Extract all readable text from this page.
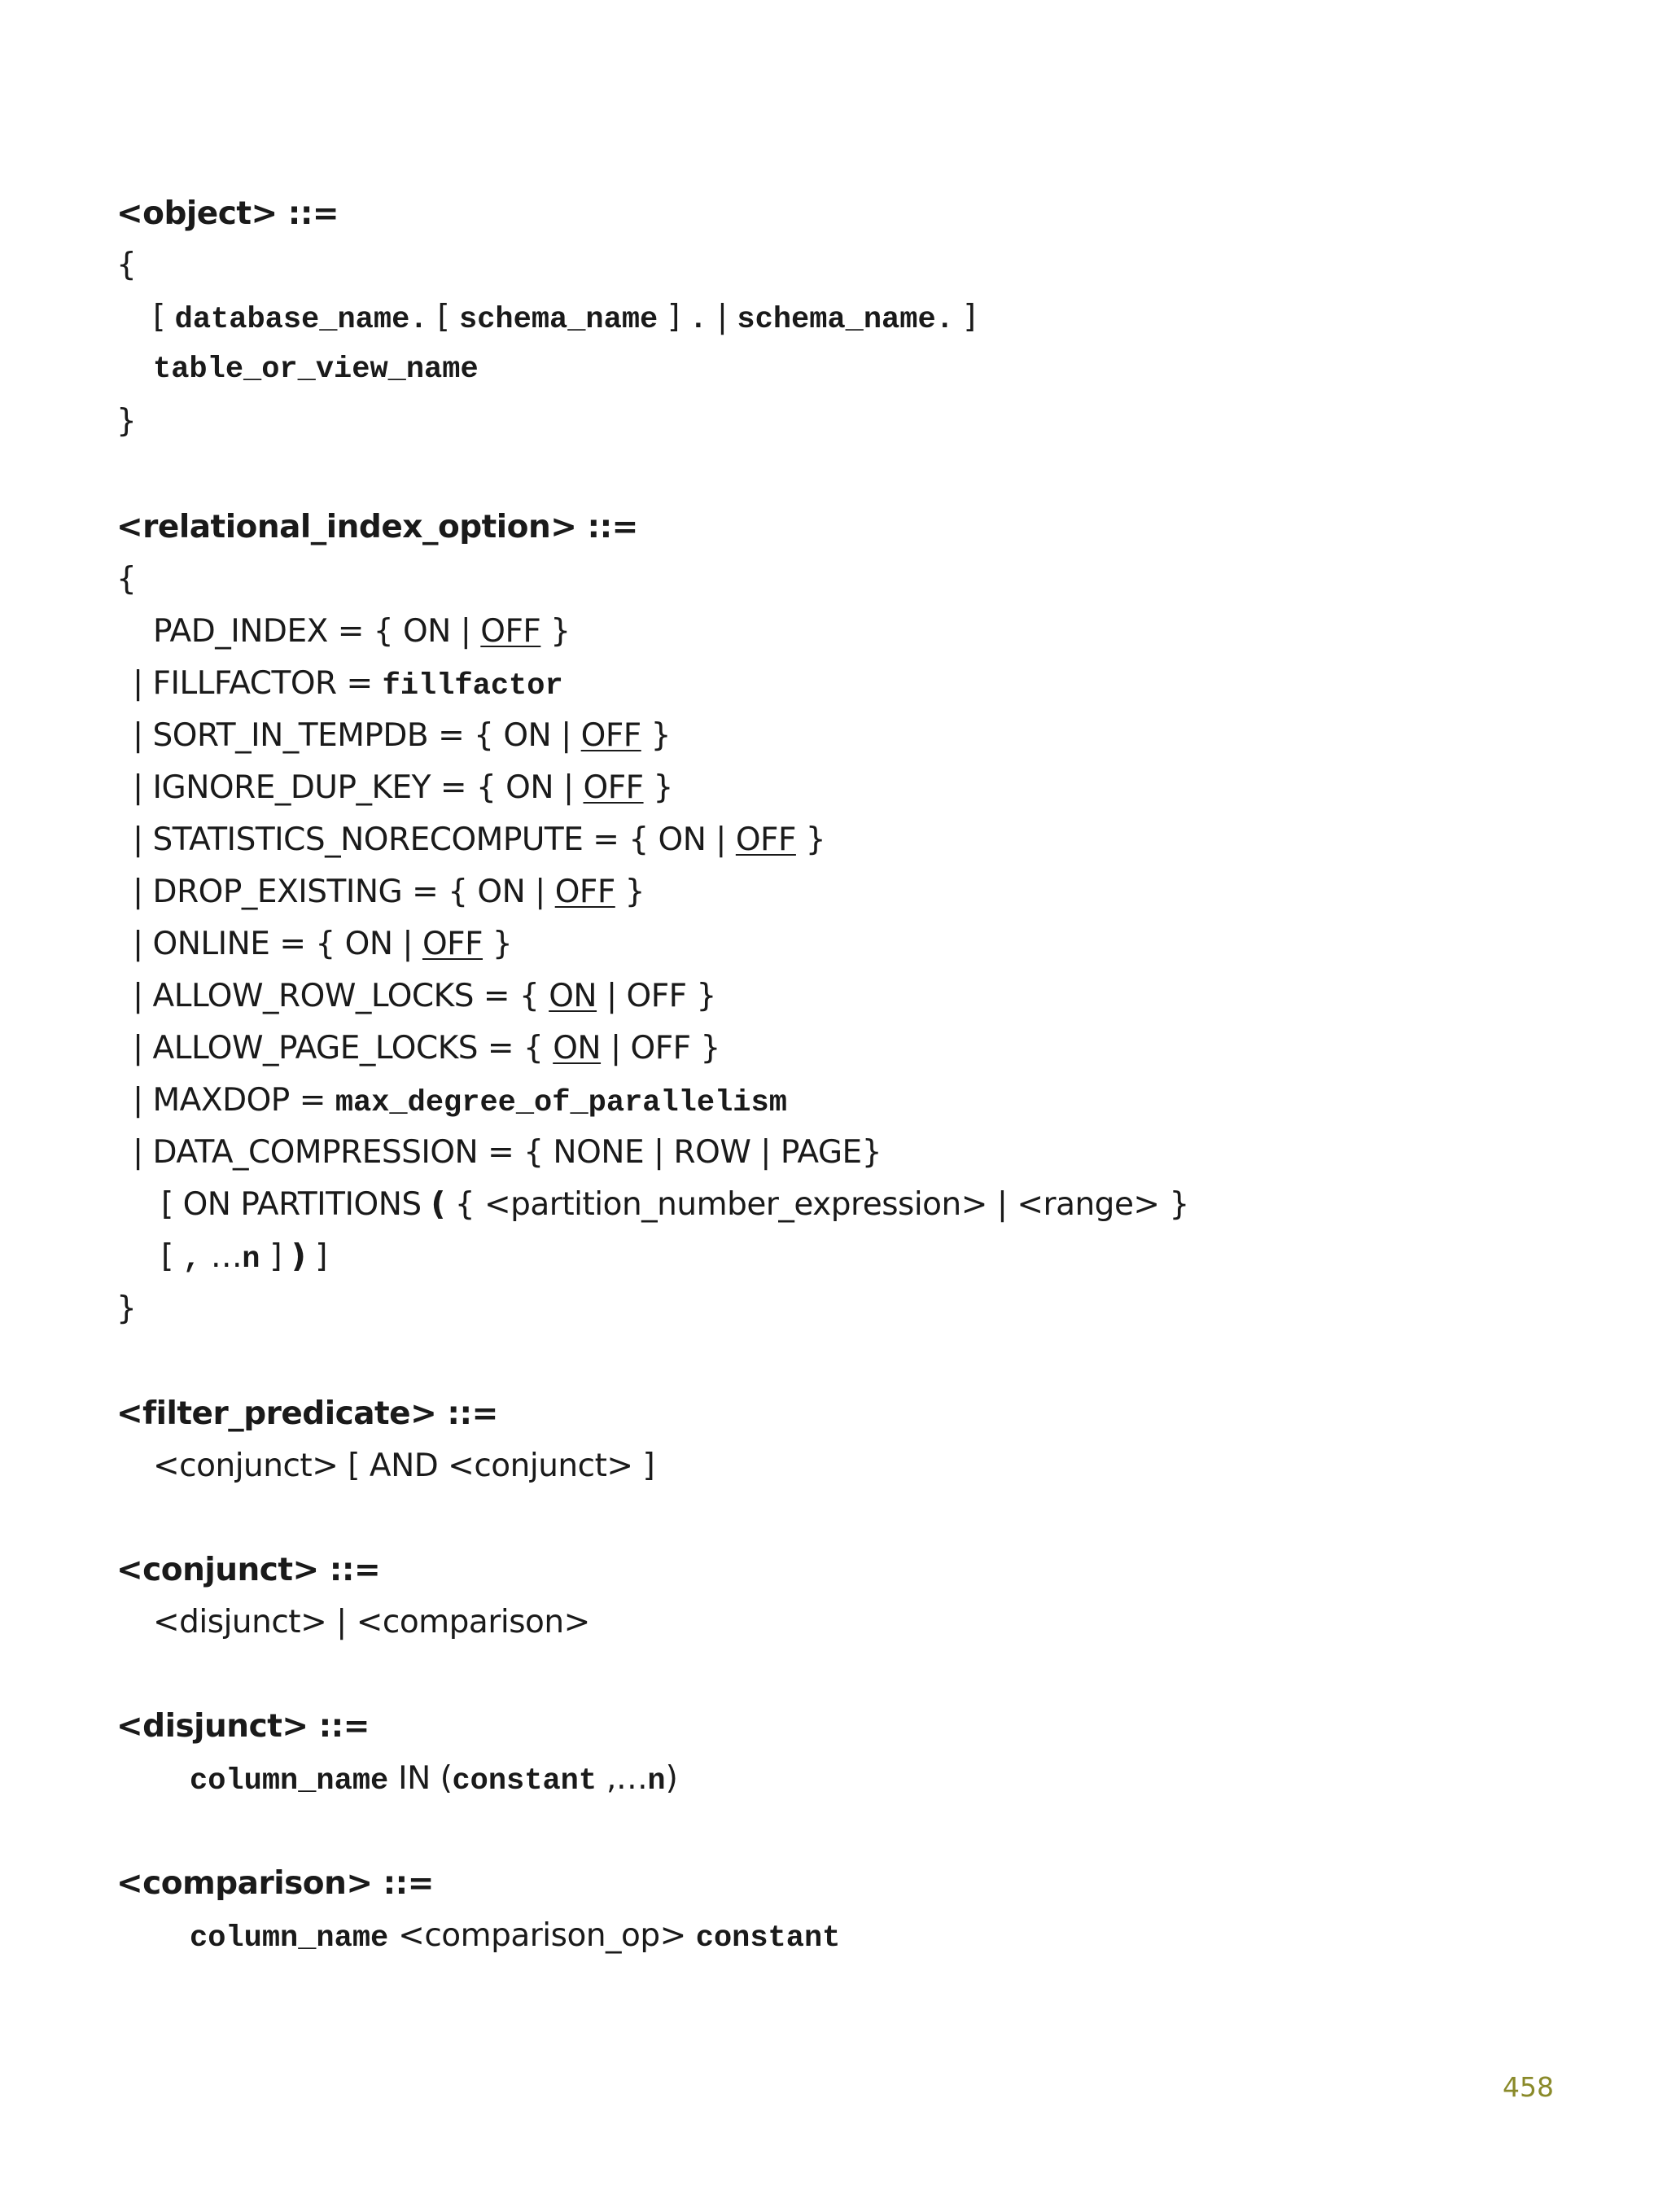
<object> ::=
{
[ database_name. [ schema_name ] . | schema_name. ]
table_or_view_name
}
<relational_index_option> ::=
{
PAD_INDEX = { ON | OFF }
| FILLFACTOR = fillfactor
| SORT_IN_TEMPDB = { ON | OFF }
| IGNORE_DUP_KEY = { ON | OFF }
| STATISTICS_NORECOMPUTE = { ON | OFF }
| DROP_EXISTING = { ON | OFF }
| ONLINE = { ON | OFF }
| ALLOW_ROW_LOCKS = { ON | OFF }
| ALLOW_PAGE_LOCKS = { ON | OFF }
| MAXDOP = max_degree_of_parallelism
| DATA_COMPRESSION = { NONE | ROW | PAGE}
[ ON PARTITIONS ( { <partition_number_expression> | <range> }
[ , …n ] ) ]
}
<filter_predicate> ::=
<conjunct> [ AND <conjunct> ]
<conjunct> ::=
<disjunct> | <comparison>
<disjunct> ::=
column_name IN (constant ,…n)
<comparison> ::=
column_name <comparison_op> constant
458
